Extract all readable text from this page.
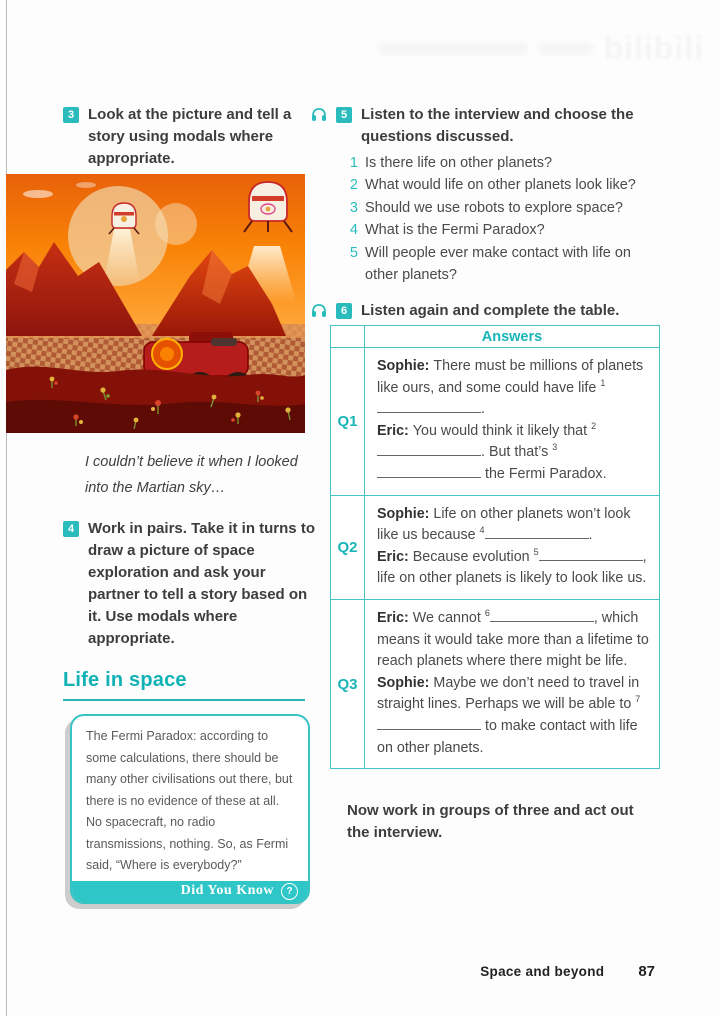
bilibili
3 Look at the picture and tell a story using modals where appropriate.
I couldn’t believe it when I looked into the Martian sky…
4 Work in pairs. Take it in turns to draw a picture of space exploration and ask your partner to tell a story based on it. Use modals where appropriate.
Life in space
The Fermi Paradox: according to some calculations, there should be many other civilisations out there, but there is no evidence of these at all. No spacecraft, no radio transmissions, nothing. So, as Fermi said, “Where is everybody?”
Did You Know	?
5 Listen to the interview and choose the questions discussed.
1 Is there life on other planets?
2 What would life on other planets look like?
3 Should we use robots to explore space?
4 What is the Fermi Paradox?
5 Will people ever make contact with life on other planets?
6 Listen again and complete the table.
Answers
Q1
Sophie: There must be millions of planets like ours, and some could have life $^1$.
Eric: You would think it likely that $^2$. But that’s $^3$ the Fermi Paradox.
Q2
Sophie: Life on other planets won’t look like us because $^4$	.
Eric: Because evolution $^5$	, life on other planets is likely to look like us.
Q3
Eric: We cannot $^6$	, which means it would take more than a lifetime to reach planets where there might be life.
Sophie: Maybe we don’t need to travel in straight lines. Perhaps we will be able to $^7$ to make contact with life on other planets.
Now work in groups of three and act out the interview.
Space and beyond 87
